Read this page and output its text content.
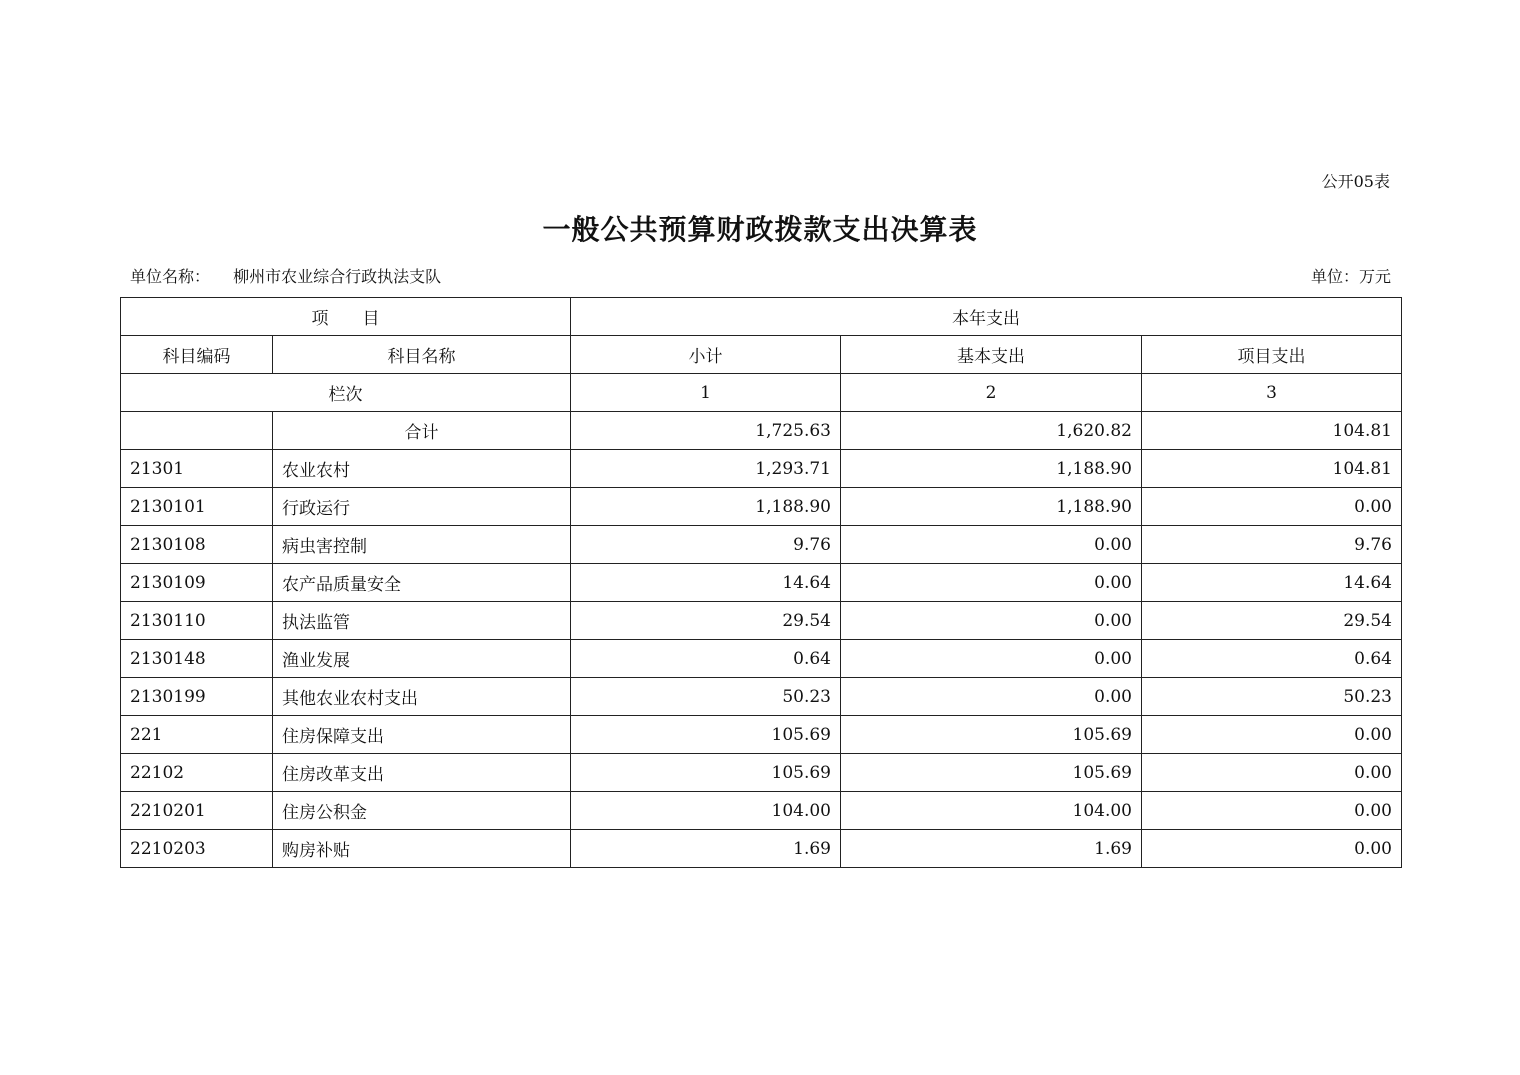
公开05表
一般公共预算财政拨款支出决算表
单位名称： 柳州市农业综合行政执法支队	单位：万元
项　　目		本年支出		
科目编码	科目名称	小计	基本支出	项目支出
栏次		1	2	3
	合计	1,725.63	1,620.82	104.81
21301	农业农村	1,293.71	1,188.90	104.81
2130101	行政运行	1,188.90	1,188.90	0.00
2130108	病虫害控制	9.76	0.00	9.76
2130109	农产品质量安全	14.64	0.00	14.64
2130110	执法监管	29.54	0.00	29.54
2130148	渔业发展	0.64	0.00	0.64
2130199	其他农业农村支出	50.23	0.00	50.23
221	住房保障支出	105.69	105.69	0.00
22102	住房改革支出	105.69	105.69	0.00
2210201	住房公积金	104.00	104.00	0.00
2210203	购房补贴	1.69	1.69	0.00
